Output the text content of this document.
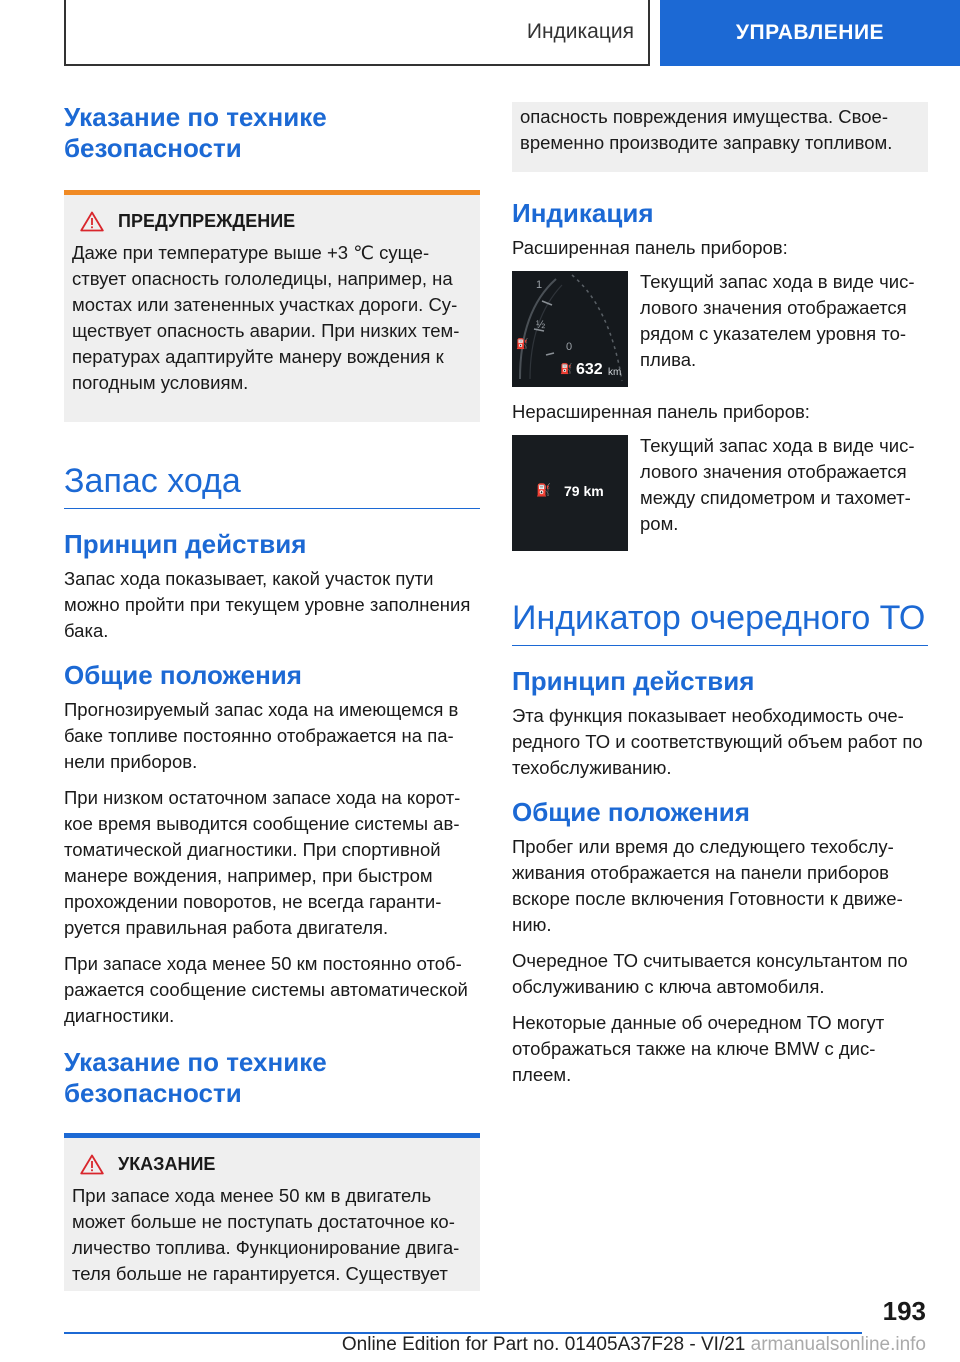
Индикация	УПРАВЛЕНИЕ
Указание по технике безопасности
ПРЕДУПРЕЖДЕНИЕ
Даже при температуре выше +3 ℃ существует опасность гололедицы, например, на мостах или затененных участках дороги. Существует опасность аварии. При низких температурах адаптируйте манеру вождения к погодным условиям.
Запас хода
Принцип действия
Запас хода показывает, какой участок пути можно пройти при текущем уровне заполнения бака.
Общие положения
Прогнозируемый запас хода на имеющемся в баке топливе постоянно отображается на панели приборов.
При низком остаточном запасе хода на короткое время выводится сообщение системы автоматической диагностики. При спортивной манере вождения, например, при быстром прохождении поворотов, не всегда гарантируется правильная работа двигателя.
При запасе хода менее 50 км постоянно отображается сообщение системы автоматической диагностики.
Указание по технике безопасности
УКАЗАНИЕ
При запасе хода менее 50 км в двигатель может больше не поступать достаточное количество топлива. Функционирование двигателя больше не гарантируется. Существует
опасность повреждения имущества. Своевременно производите заправку топливом.
Индикация
Расширенная панель приборов:
1
½
0
⛽
⛽ 632 km
Текущий запас хода в виде числового значения отображается рядом с указателем уровня топлива.
Нерасширенная панель приборов:
⛽ 79 km
Текущий запас хода в виде числового значения отображается между спидометром и тахометром.
Индикатор очередного ТО
Принцип действия
Эта функция показывает необходимость очередного ТО и соответствующий объем работ по техобслуживанию.
Общие положения
Пробег или время до следующего техобслуживания отображается на панели приборов вскоре после включения Готовности к движению.
Очередное ТО считывается консультантом по обслуживанию с ключа автомобиля.
Некоторые данные об очередном ТО могут отображаться также на ключе BMW с дисплеем.
193
Online Edition for Part no. 01405A37F28 - VI/21 armanualsonline.info
